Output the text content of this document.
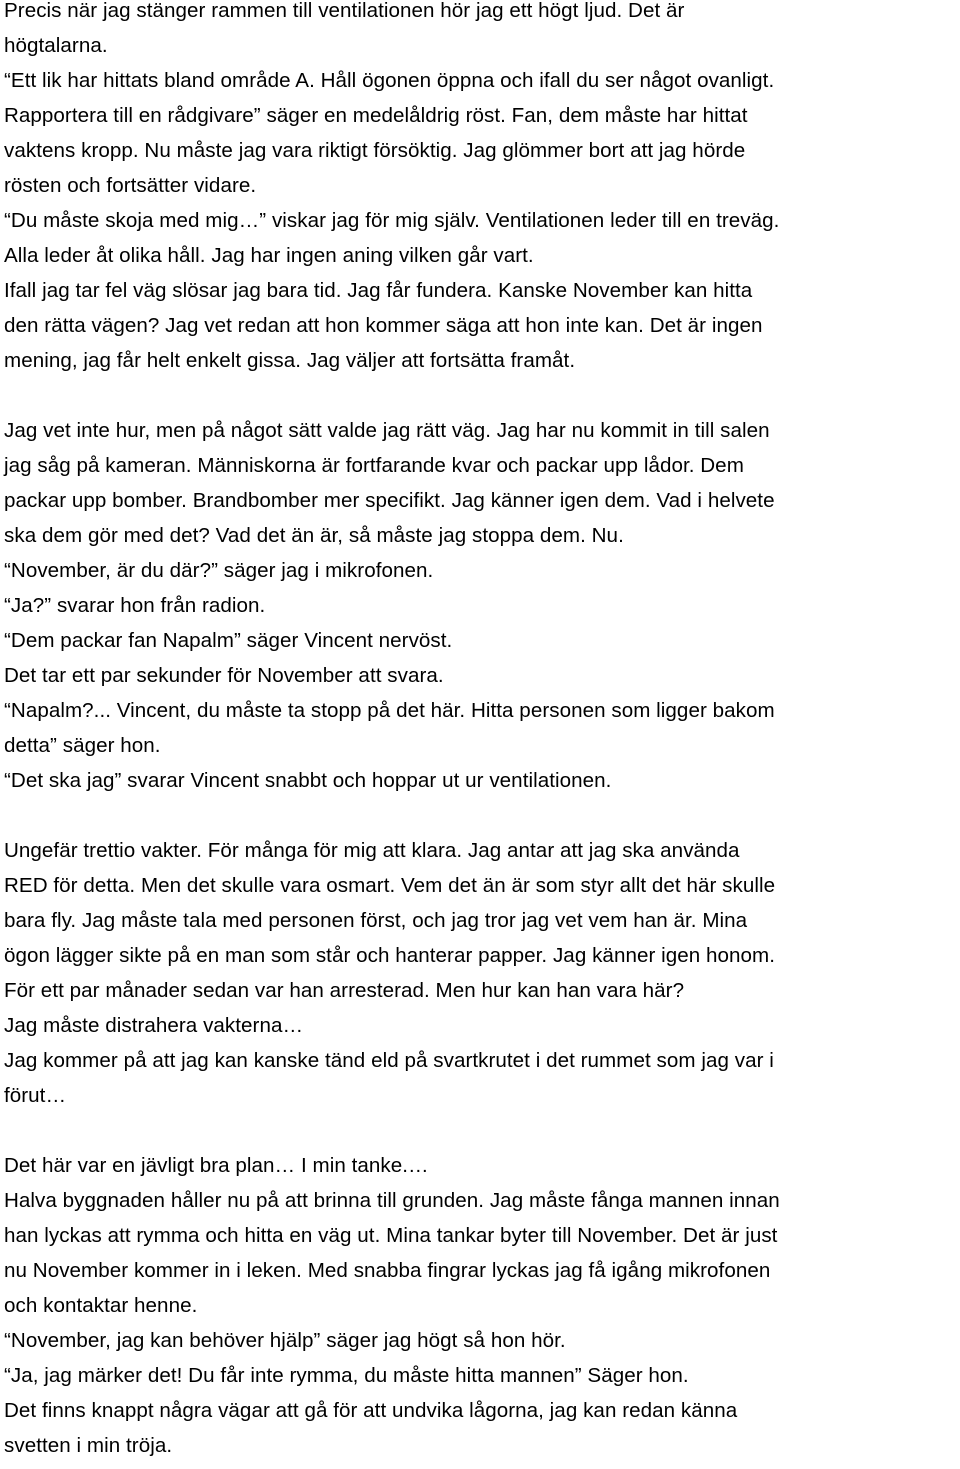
Precis när jag stänger rammen till ventilationen hör jag ett högt ljud. Det är
högtalarna.
“Ett lik har hittats bland område A. Håll ögonen öppna och ifall du ser något ovanligt.
Rapportera till en rådgivare” säger en medelåldrig röst. Fan, dem måste har hittat
vaktens kropp. Nu måste jag vara riktigt försöktig. Jag glömmer bort att jag hörde
rösten och fortsätter vidare.
“Du måste skoja med mig…” viskar jag för mig själv. Ventilationen leder till en treväg.
Alla leder åt olika håll. Jag har ingen aning vilken går vart.
Ifall jag tar fel väg slösar jag bara tid. Jag får fundera. Kanske November kan hitta
den rätta vägen? Jag vet redan att hon kommer säga att hon inte kan. Det är ingen
mening, jag får helt enkelt gissa. Jag väljer att fortsätta framåt.
Jag vet inte hur, men på något sätt valde jag rätt väg. Jag har nu kommit in till salen
jag såg på kameran. Människorna är fortfarande kvar och packar upp lådor. Dem
packar upp bomber. Brandbomber mer specifikt. Jag känner igen dem. Vad i helvete
ska dem gör med det? Vad det än är, så måste jag stoppa dem. Nu.
“November, är du där?” säger jag i mikrofonen.
“Ja?” svarar hon från radion.
“Dem packar fan Napalm” säger Vincent nervöst.
Det tar ett par sekunder för November att svara.
“Napalm?... Vincent, du måste ta stopp på det här. Hitta personen som ligger bakom
detta” säger hon.
“Det ska jag” svarar Vincent snabbt och hoppar ut ur ventilationen.
Ungefär trettio vakter. För många för mig att klara. Jag antar att jag ska använda
RED för detta. Men det skulle vara osmart. Vem det än är som styr allt det här skulle
bara fly. Jag måste tala med personen först, och jag tror jag vet vem han är. Mina
ögon lägger sikte på en man som står och hanterar papper. Jag känner igen honom.
För ett par månader sedan var han arresterad. Men hur kan han vara här?
Jag måste distrahera vakterna…
Jag kommer på att jag kan kanske tänd eld på svartkrutet i det rummet som jag var i
förut…
Det här var en jävligt bra plan… I min tanke.…
Halva byggnaden håller nu på att brinna till grunden. Jag måste fånga mannen innan
han lyckas att rymma och hitta en väg ut. Mina tankar byter till November. Det är just
nu November kommer in i leken. Med snabba fingrar lyckas jag få igång mikrofonen
och kontaktar henne.
“November, jag kan behöver hjälp” säger jag högt så hon hör.
“Ja, jag märker det! Du får inte rymma, du måste hitta mannen” Säger hon.
Det finns knappt några vägar att gå för att undvika lågorna, jag kan redan känna
svetten i min tröja.
